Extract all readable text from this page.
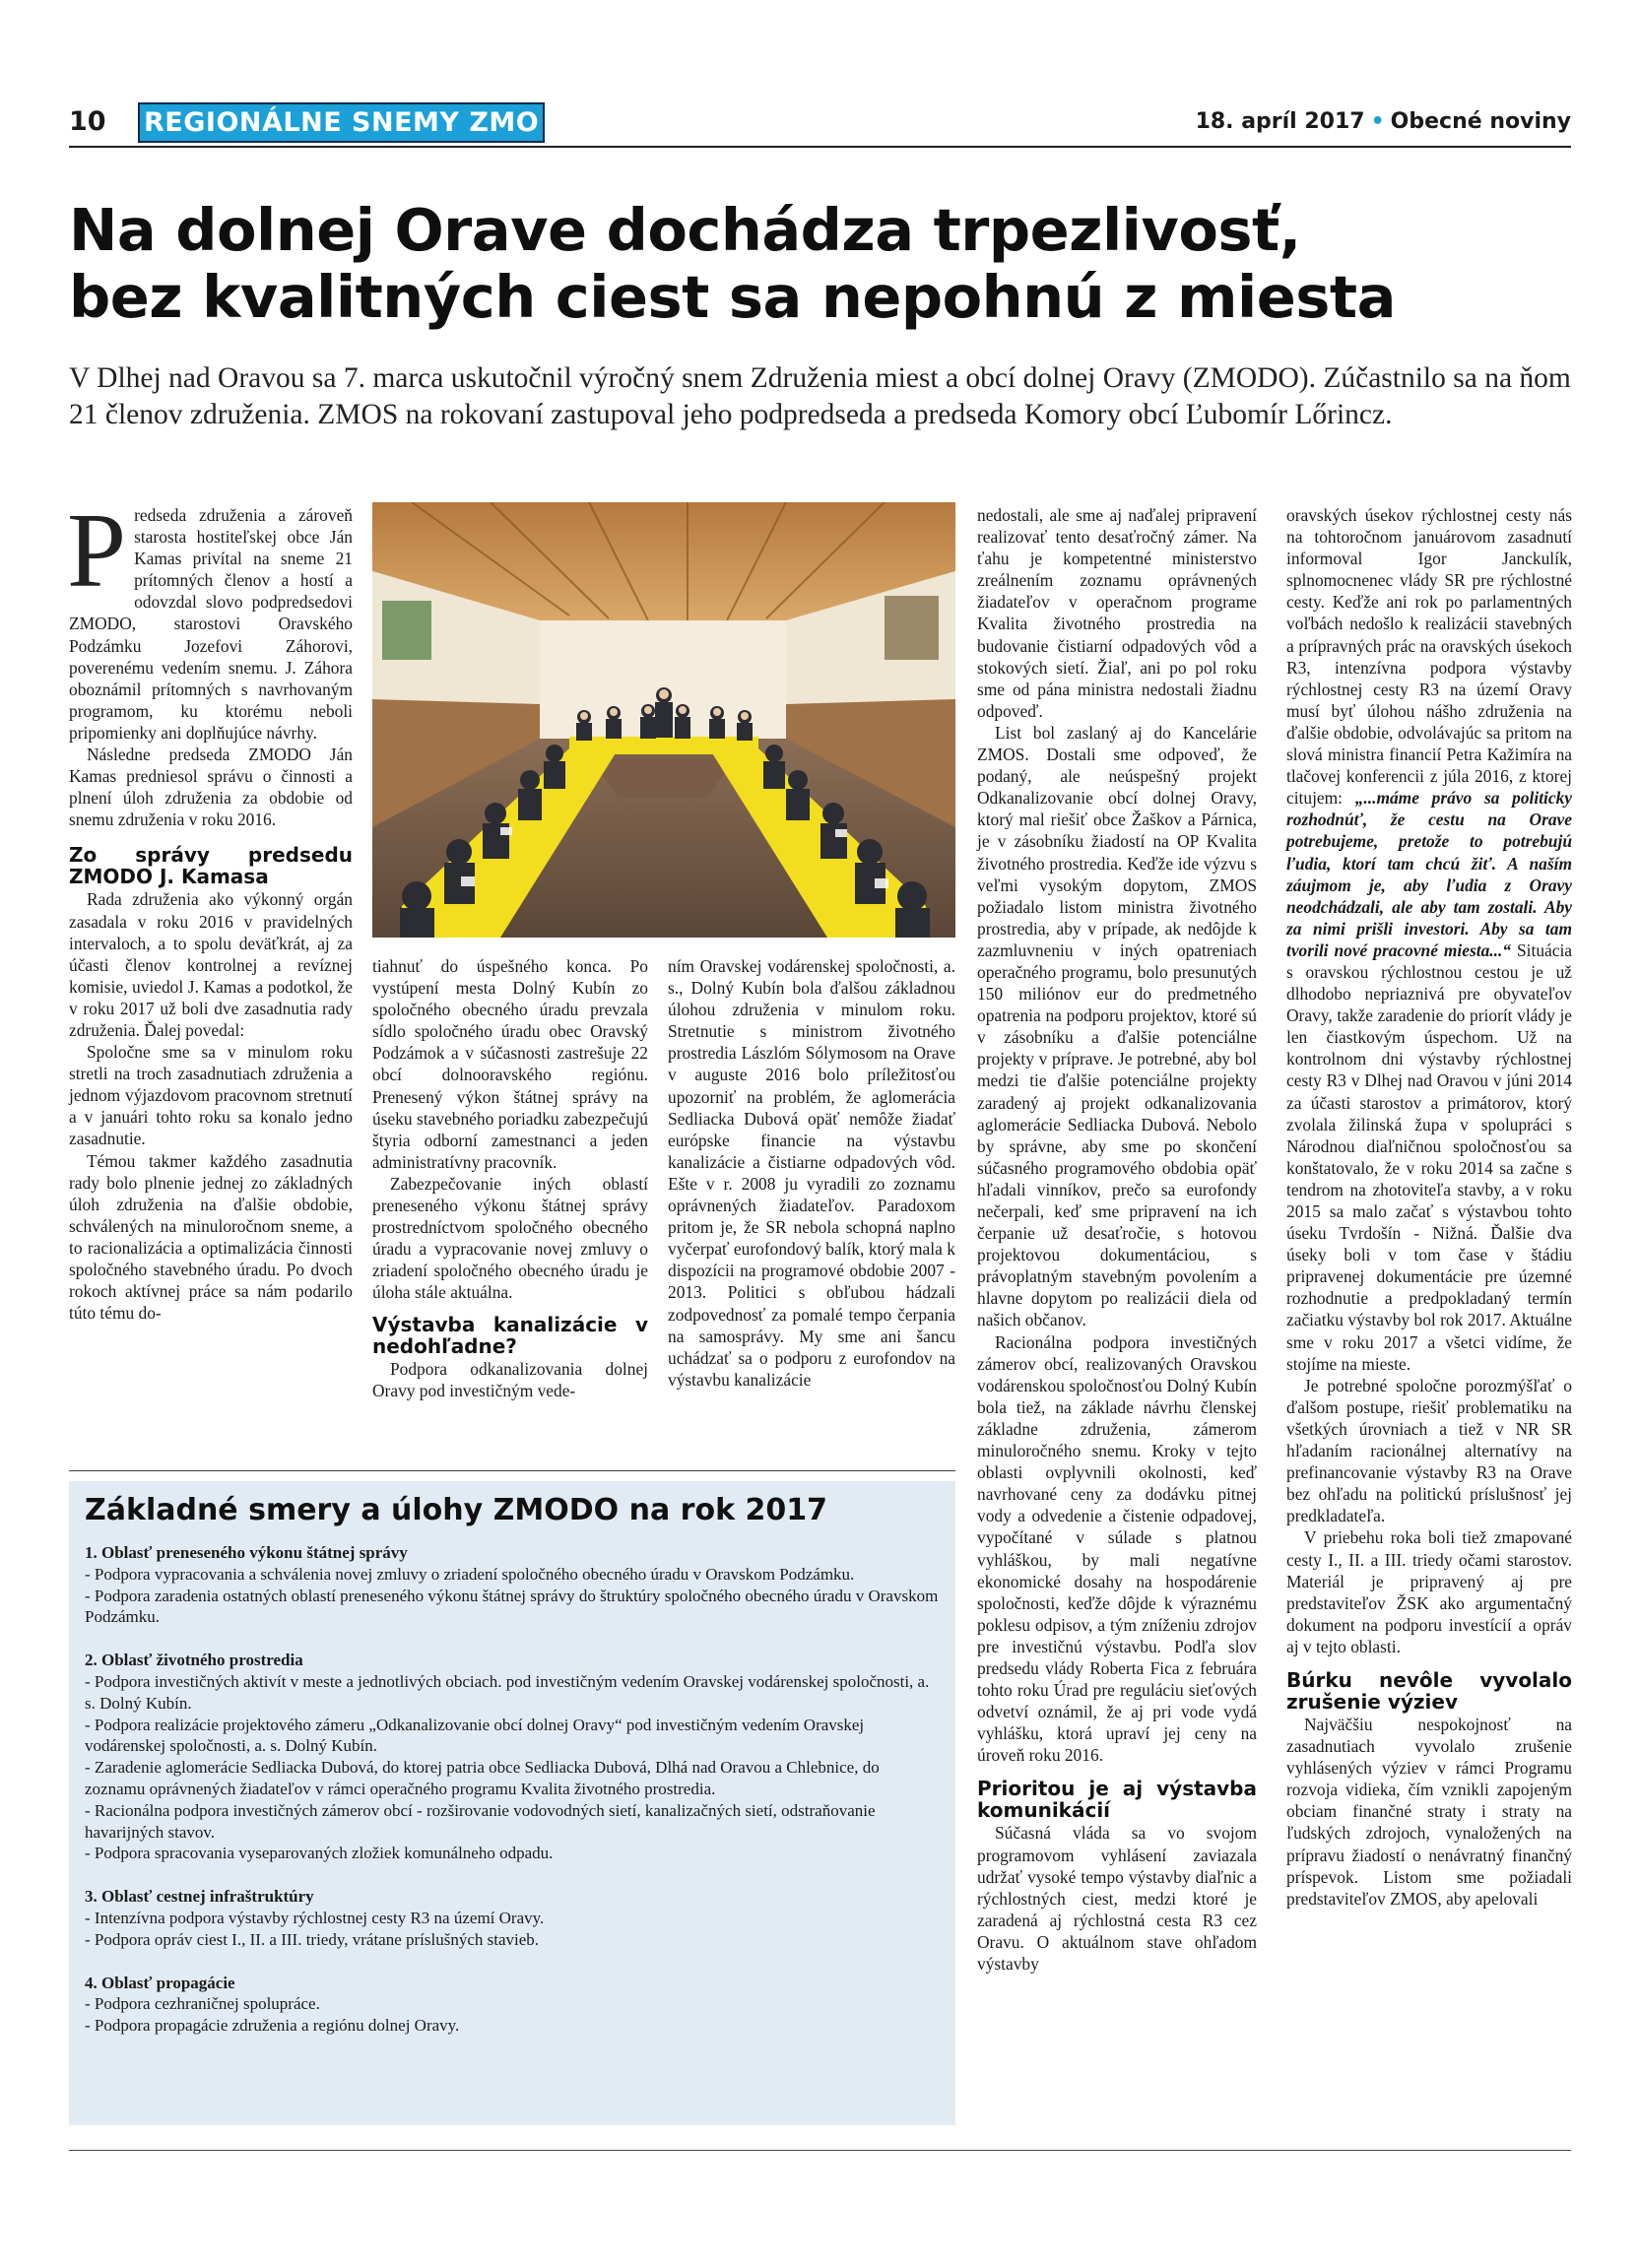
10 REGIONÁLNE SNEMY ZMO	18. apríl 2017 • Obecné noviny
Na dolnej Orave dochádza trpezlivosť,
bez kvalitných ciest sa nepohnú z miesta
V Dlhej nad Oravou sa 7. marca uskutočnil výročný snem Združenia miest a obcí dolnej Oravy (ZMODO). Zúčastnilo sa na ňom 21 členov združenia. ZMOS na rokovaní zastupoval jeho podpredseda a predseda Komory obcí Ľubomír Lőrincz.

Predseda združenia a zároveň starosta hostiteľskej obce Ján Kamas privítal na sneme 21 prítomných členov a hostí a odovzdal slovo podpredsedovi ZMODO, starostovi Oravského Podzámku Jozefovi Záhorovi, poverenému vedením snemu. J. Záhora oboznámil prítomných s navrhovaným programom, ku ktorému neboli pripomienky ani doplňujúce návrhy.

Následne predseda ZMODO Ján Kamas predniesol správu o činnosti a plnení úloh združenia za obdobie od snemu združenia v roku 2016.

Zo správy predsedu ZMODO J. Kamasa

Rada združenia ako výkonný orgán zasadala v roku 2016 v pravidelných intervaloch, a to spolu deväťkrát, aj za účasti členov kontrolnej a revíznej komisie, uviedol J. Kamas a podotkol, že v roku 2017 už boli dve zasadnutia rady združenia. Ďalej povedal:

Spoločne sme sa v minulom roku stretli na troch zasadnutiach združenia a jednom výjazdovom pracovnom stretnutí a v januári tohto roku sa konalo jedno zasadnutie.

Témou takmer každého zasadnutia rady bolo plnenie jednej zo základných úloh združenia na ďalšie obdobie, schválených na minuloročnom sneme, a to racionalizácia a optimalizácia činnosti spoločného stavebného úradu. Po dvoch rokoch aktívnej práce sa nám podarilo túto tému do-

tiahnuť do úspešného konca. Po vystúpení mesta Dolný Kubín zo spoločného obecného úradu prevzala sídlo spoločného úradu obec Oravský Podzámok a v súčasnosti zastrešuje 22 obcí dolnooravského regiónu. Prenesený výkon štátnej správy na úseku stavebného poriadku zabezpečujú štyria odborní zamestnanci a jeden administratívny pracovník.

Zabezpečovanie iných oblastí preneseného výkonu štátnej správy prostredníctvom spoločného obecného úradu a vypracovanie novej zmluvy o zriadení spoločného obecného úradu je úloha stále aktuálna.

Výstavba kanalizácie v nedohľadne?

Podpora odkanalizovania dolnej Oravy pod investičným vede-

ním Oravskej vodárenskej spoločnosti, a. s., Dolný Kubín bola ďalšou základnou úlohou združenia v minulom roku. Stretnutie s ministrom životného prostredia Lászlóm Sólymosom na Orave v auguste 2016 bolo príležitosťou upozorniť na problém, že aglomerácia Sedliacka Dubová opäť nemôže žiadať európske financie na výstavbu kanalizácie a čistiarne odpadových vôd. Ešte v r. 2008 ju vyradili zo zoznamu oprávnených žiadateľov. Paradoxom pritom je, že SR nebola schopná naplno vyčerpať eurofondový balík, ktorý mala k dispozícii na programové obdobie 2007 - 2013. Politici s obľubou hádzali zodpovednosť za pomalé tempo čerpania na samosprávy. My sme ani šancu uchádzať sa o podporu z eurofondov na výstavbu kanalizácie

nedostali, ale sme aj naďalej pripravení realizovať tento desaťročný zámer. Na ťahu je kompetentné ministerstvo zreálnením zoznamu oprávnených žiadateľov v operačnom programe Kvalita životného prostredia na budovanie čistiarní odpadových vôd a stokových sietí. Žiaľ, ani po pol roku sme od pána ministra nedostali žiadnu odpoveď.

List bol zaslaný aj do Kancelárie ZMOS. Dostali sme odpoveď, že podaný, ale neúspešný projekt Odkanalizovanie obcí dolnej Oravy, ktorý mal riešiť obce Žaškov a Párnica, je v zásobníku žiadostí na OP Kvalita životného prostredia. Keďže ide výzvu s veľmi vysokým dopytom, ZMOS požiadalo listom ministra životného prostredia, aby v prípade, ak nedôjde k zazmluvneniu v iných opatreniach operačného programu, bolo presunutých 150 miliónov eur do predmetného opatrenia na podporu projektov, ktoré sú v zásobníku a ďalšie potenciálne projekty v príprave. Je potrebné, aby bol medzi tie ďalšie potenciálne projekty zaradený aj projekt odkanalizovania aglomerácie Sedliacka Dubová. Nebolo by správne, aby sme po skončení súčasného programového obdobia opäť hľadali vinníkov, prečo sa eurofondy nečerpali, keď sme pripravení na ich čerpanie už desaťročie, s hotovou projektovou dokumentáciou, s právoplatným stavebným povolením a hlavne dopytom po realizácii diela od našich občanov.

Racionálna podpora investičných zámerov obcí, realizovaných Oravskou vodárenskou spoločnosťou Dolný Kubín bola tiež, na základe návrhu členskej základne združenia, zámerom minuloročného snemu. Kroky v tejto oblasti ovplyvnili okolnosti, keď navrhované ceny za dodávku pitnej vody a odvedenie a čistenie odpadovej, vypočítané v súlade s platnou vyhláškou, by mali negatívne ekonomické dosahy na hospodárenie spoločnosti, keďže dôjde k výraznému poklesu odpisov, a tým zníženiu zdrojov pre investičnú výstavbu. Podľa slov predsedu vlády Roberta Fica z februára tohto roku Úrad pre reguláciu sieťových odvetví oznámil, že aj pri vode vydá vyhlášku, ktorá upraví jej ceny na úroveň roku 2016.

Prioritou je aj výstavba komunikácií

Súčasná vláda sa vo svojom programovom vyhlásení zaviazala udržať vysoké tempo výstavby diaľnic a rýchlostných ciest, medzi ktoré je zaradená aj rýchlostná cesta R3 cez Oravu. O aktuálnom stave ohľadom výstavby

oravských úsekov rýchlostnej cesty nás na tohtoročnom januárovom zasadnutí informoval Igor Janckulík, splnomocnenec vlády SR pre rýchlostné cesty. Keďže ani rok po parlamentných voľbách nedošlo k realizácii stavebných a prípravných prác na oravských úsekoch R3, intenzívna podpora výstavby rýchlostnej cesty R3 na území Oravy musí byť úlohou nášho združenia na ďalšie obdobie, odvolávajúc sa pritom na slová ministra financií Petra Kažimíra na tlačovej konferencii z júla 2016, z ktorej citujem: „...máme právo sa politicky rozhodnúť, že cestu na Orave potrebujeme, pretože to potrebujú ľudia, ktorí tam chcú žiť. A naším záujmom je, aby ľudia z Oravy neodchádzali, ale aby tam zostali. Aby za nimi prišli investori. Aby sa tam tvorili nové pracovné miesta...“ Situácia s oravskou rýchlostnou cestou je už dlhodobo nepriaznivá pre obyvateľov Oravy, takže zaradenie do priorít vlády je len čiastkovým úspechom. Už na kontrolnom dni výstavby rýchlostnej cesty R3 v Dlhej nad Oravou v júni 2014 za účasti starostov a primátorov, ktorý zvolala žilinská župa v spolupráci s Národnou diaľničnou spoločnosťou sa konštatovalo, že v roku 2014 sa začne s tendrom na zhotoviteľa stavby, a v roku 2015 sa malo začať s výstavbou tohto úseku Tvrdošín - Nižná. Ďalšie dva úseky boli v tom čase v štádiu pripravenej dokumentácie pre územné rozhodnutie a predpokladaný termín začiatku výstavby bol rok 2017. Aktuálne sme v roku 2017 a všetci vidíme, že stojíme na mieste.

Je potrebné spoločne porozmýšľať o ďalšom postupe, riešiť problematiku na všetkých úrovniach a tiež v NR SR hľadaním racionálnej alternatívy na prefinancovanie výstavby R3 na Orave bez ohľadu na politickú príslušnosť jej predkladateľa.

V priebehu roka boli tiež zmapované cesty I., II. a III. triedy očami starostov. Materiál je pripravený aj pre predstaviteľov ŽSK ako argumentačný dokument na podporu investícií a opráv aj v tejto oblasti.

Búrku nevôle vyvolalo zrušenie výziev

Najväčšiu nespokojnosť na zasadnutiach vyvolalo zrušenie vyhlásených výziev v rámci Programu rozvoja vidieka, čím vznikli zapojeným obciam finančné straty i straty na ľudských zdrojoch, vynaložených na prípravu žiadostí o nenávratný finančný príspevok. Listom sme požiadali predstaviteľov ZMOS, aby apelovali

Základné smery a úlohy ZMODO na rok 2017
1. Oblasť preneseného výkonu štátnej správy
- Podpora vypracovania a schválenia novej zmluvy o zriadení spoločného obecného úradu v Oravskom Podzámku.
- Podpora zaradenia ostatných oblastí preneseného výkonu štátnej správy do štruktúry spoločného obecného úradu v Oravskom Podzámku.
2. Oblasť životného prostredia
- Podpora investičných aktivít v meste a jednotlivých obciach. pod investičným vedením Oravskej vodárenskej spoločnosti, a. s. Dolný Kubín.
- Podpora realizácie projektového zámeru „Odkanalizovanie obcí dolnej Oravy“ pod investičným vedením Oravskej vodárenskej spoločnosti, a. s. Dolný Kubín.
- Zaradenie aglomerácie Sedliacka Dubová, do ktorej patria obce Sedliacka Dubová, Dlhá nad Oravou a Chlebnice, do zoznamu oprávnených žiadateľov v rámci operačného programu Kvalita životného prostredia.
- Racionálna podpora investičných zámerov obcí - rozširovanie vodovodných sietí, kanalizačných sietí, odstraňovanie havarijných stavov.
- Podpora spracovania vyseparovaných zložiek komunálneho odpadu.
3. Oblasť cestnej infraštruktúry
- Intenzívna podpora výstavby rýchlostnej cesty R3 na území Oravy.
- Podpora opráv ciest I., II. a III. triedy, vrátane príslušných stavieb.
4. Oblasť propagácie
- Podpora cezhraničnej spolupráce.
- Podpora propagácie združenia a regiónu dolnej Oravy.
